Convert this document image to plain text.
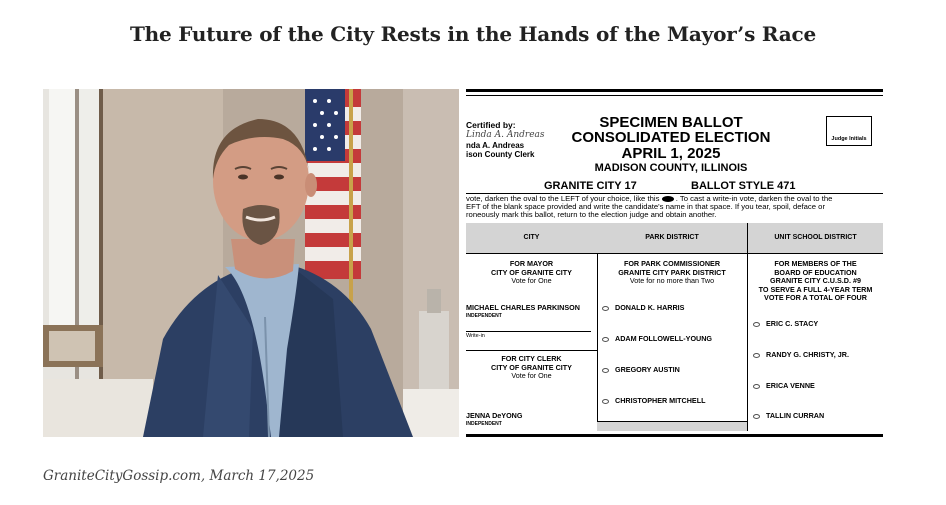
The Future of the City Rests in the Hands of the Mayor’s Race
Certified by:
Linda A. Andreas
nda A. Andreas
ison County Clerk
SPECIMEN BALLOT
CONSOLIDATED ELECTION
APRIL 1, 2025
MADISON COUNTY, ILLINOIS
Judge Initials
GRANITE CITY 17	BALLOT STYLE 471
vote, darken the oval to the LEFT of your choice, like this . To cast a write-in vote, darken the oval to the
EFT of the blank space provided and write the candidate's name in that space. If you tear, spoil, deface or
roneously mark this ballot, return to the election judge and obtain another.
CITY
FOR MAYOR
CITY OF GRANITE CITY
Vote for One
MICHAEL CHARLES PARKINSON
INDEPENDENT
Write-in
FOR CITY CLERK
CITY OF GRANITE CITY
Vote for One
JENNA DeYONG
INDEPENDENT
PARK DISTRICT
FOR PARK COMMISSIONER
GRANITE CITY PARK DISTRICT
Vote for no more than Two
DONALD K. HARRIS
ADAM FOLLOWELL-YOUNG
GREGORY AUSTIN
CHRISTOPHER MITCHELL
UNIT SCHOOL DISTRICT
FOR MEMBERS OF THE
BOARD OF EDUCATION
GRANITE CITY C.U.S.D. #9
TO SERVE A FULL 4-YEAR TERM
VOTE FOR A TOTAL OF FOUR
ERIC C. STACY
RANDY G. CHRISTY, JR.
ERICA VENNE
TALLIN CURRAN
GraniteCityGossip.com, March 17,2025
